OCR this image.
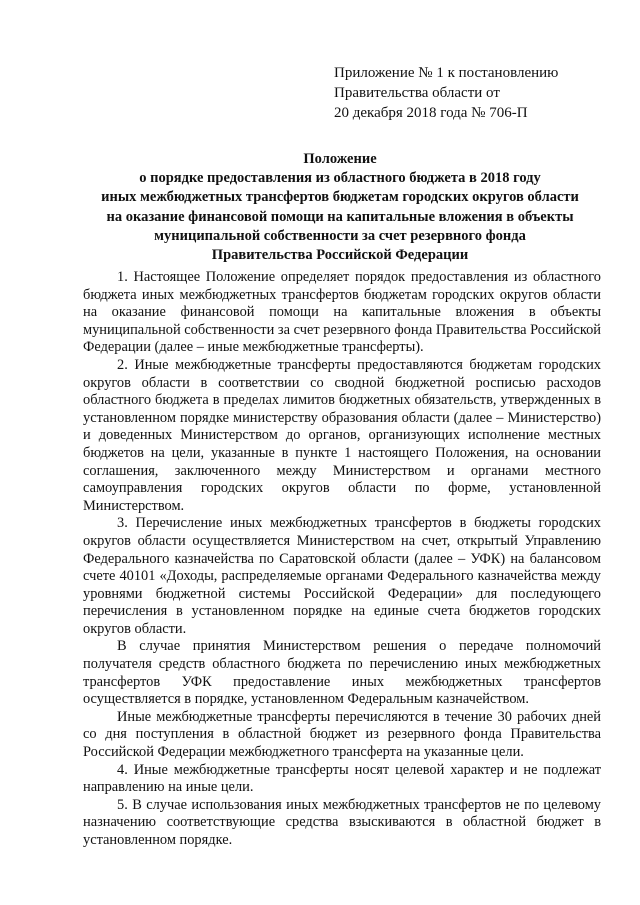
Приложение № 1 к постановлению
Правительства области от
20 декабря 2018 года № 706-П
Положение
о порядке предоставления из областного бюджета в 2018 году
иных межбюджетных трансфертов бюджетам городских округов области
на оказание финансовой помощи на капитальные вложения в объекты
муниципальной собственности за счет резервного фонда
Правительства Российской Федерации

1. Настоящее Положение определяет порядок предоставления из областного бюджета иных межбюджетных трансфертов бюджетам городских округов области на оказание финансовой помощи на капитальные вложения в объекты муниципальной собственности за счет резервного фонда Правительства Российской Федерации (далее – иные межбюджетные трансферты).

2. Иные межбюджетные трансферты предоставляются бюджетам городских округов области в соответствии со сводной бюджетной росписью расходов областного бюджета в пределах лимитов бюджетных обязательств, утвержденных в установленном порядке министерству образования области (далее – Министерство) и доведенных Министерством до органов, организующих исполнение местных бюджетов на цели, указанные в пункте 1 настоящего Положения, на основании соглашения, заключенного между Министерством и органами местного самоуправления городских округов области по форме, установленной Министерством.

3. Перечисление иных межбюджетных трансфертов в бюджеты городских округов области осуществляется Министерством на счет, открытый Управлению Федерального казначейства по Саратовской области (далее – УФК) на балансовом счете 40101 «Доходы, распределяемые органами Федерального казначейства между уровнями бюджетной системы Российской Федерации» для последующего перечисления в установленном порядке на единые счета бюджетов городских округов области.

В случае принятия Министерством решения о передаче полномочий получателя средств областного бюджета по перечислению иных межбюджетных трансфертов УФК предоставление иных межбюджетных трансфертов осуществляется в порядке, установленном Федеральным казначейством.

Иные межбюджетные трансферты перечисляются в течение 30 рабочих дней со дня поступления в областной бюджет из резервного фонда Правительства Российской Федерации межбюджетного трансферта на указанные цели.

4. Иные межбюджетные трансферты носят целевой характер и не подлежат направлению на иные цели.

5. В случае использования иных межбюджетных трансфертов не по целевому назначению соответствующие средства взыскиваются в областной бюджет в установленном порядке.
